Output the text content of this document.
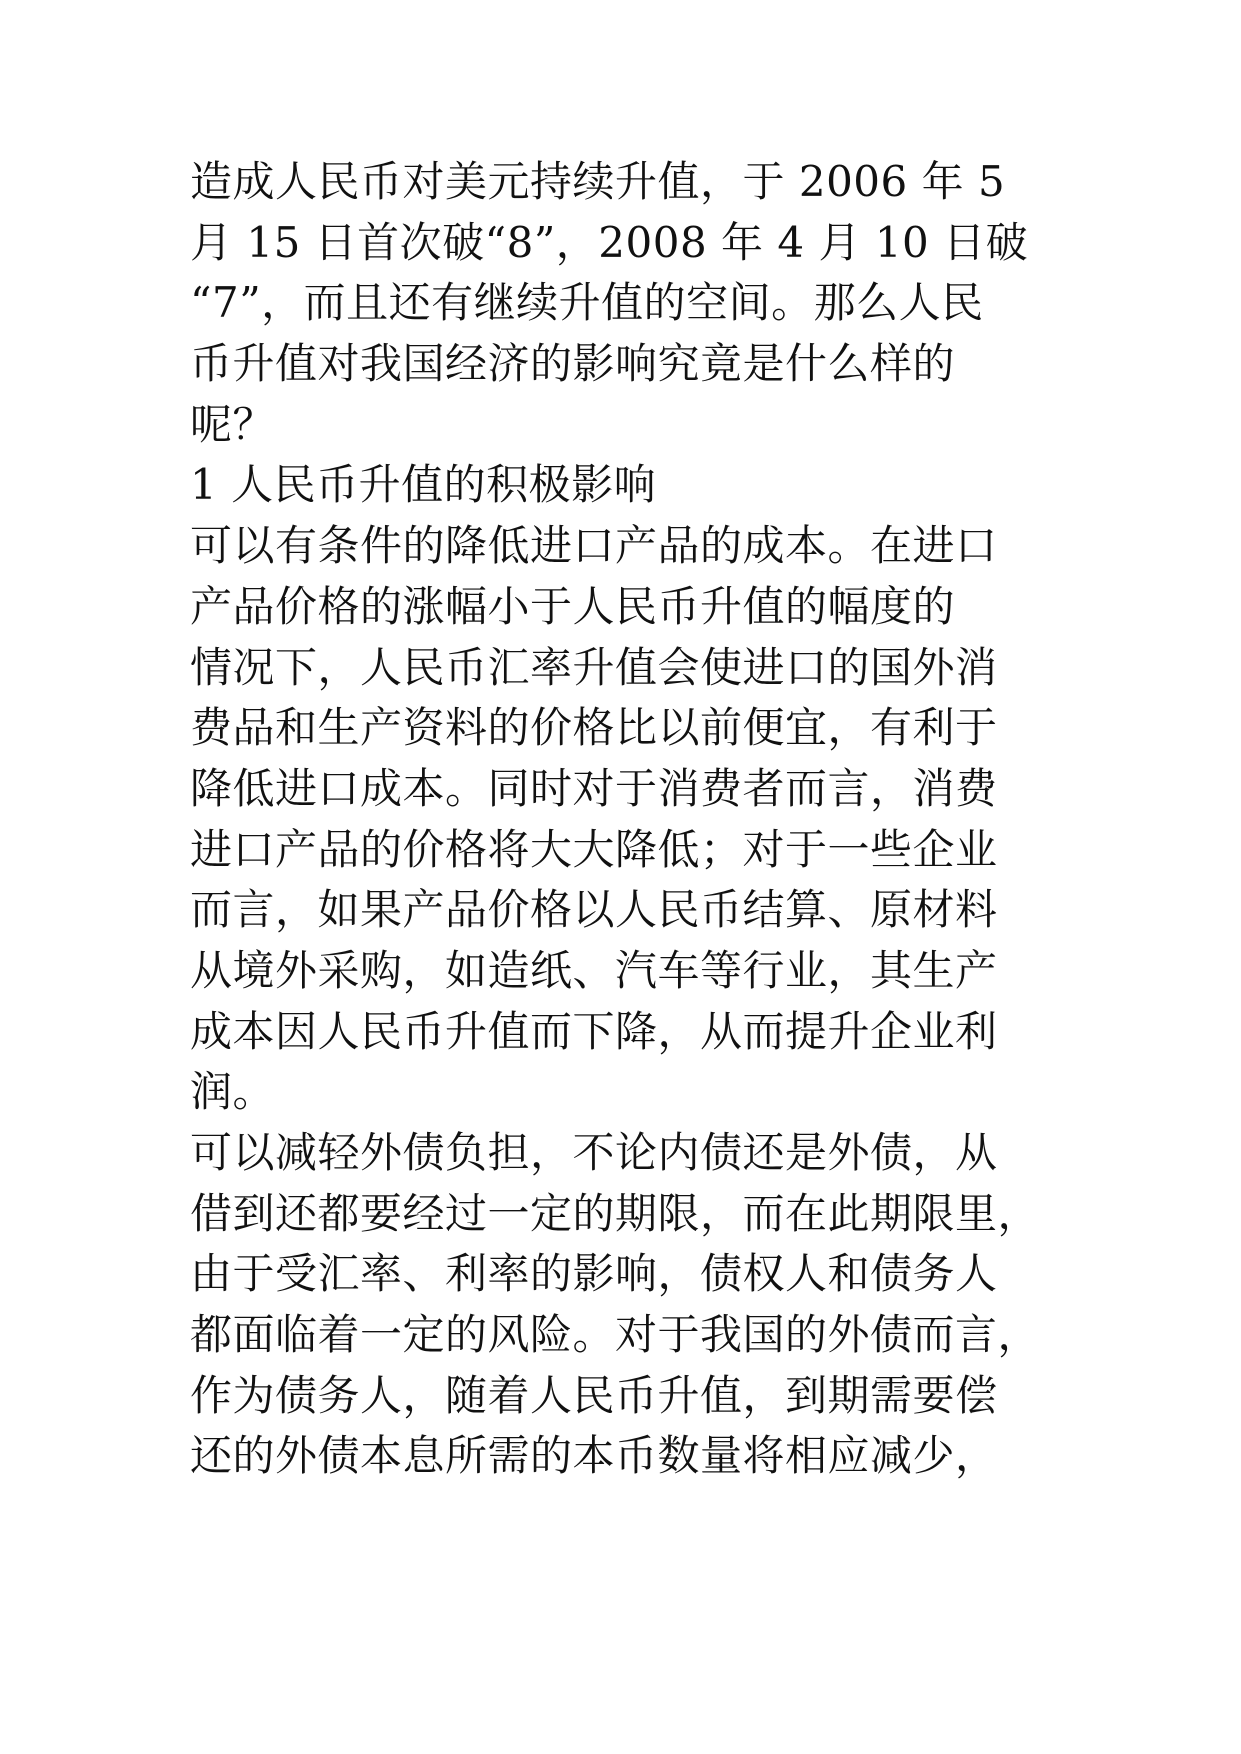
造成人民币对美元持续升值，于 2006 年 5
月 15 日首次破“8”，2008 年 4 月 10 日破
“7”，而且还有继续升值的空间。那么人民
币升值对我国经济的影响究竟是什么样的
呢？
1 人民币升值的积极影响
可以有条件的降低进口产品的成本。在进口
产品价格的涨幅小于人民币升值的幅度的
情况下，人民币汇率升值会使进口的国外消
费品和生产资料的价格比以前便宜，有利于
降低进口成本。同时对于消费者而言，消费
进口产品的价格将大大降低；对于一些企业
而言，如果产品价格以人民币结算、原材料
从境外采购，如造纸、汽车等行业，其生产
成本因人民币升值而下降，从而提升企业利
润。
可以减轻外债负担，不论内债还是外债，从
借到还都要经过一定的期限，而在此期限里，
由于受汇率、利率的影响，债权人和债务人
都面临着一定的风险。对于我国的外债而言，
作为债务人，随着人民币升值，到期需要偿
还的外债本息所需的本币数量将相应减少，
